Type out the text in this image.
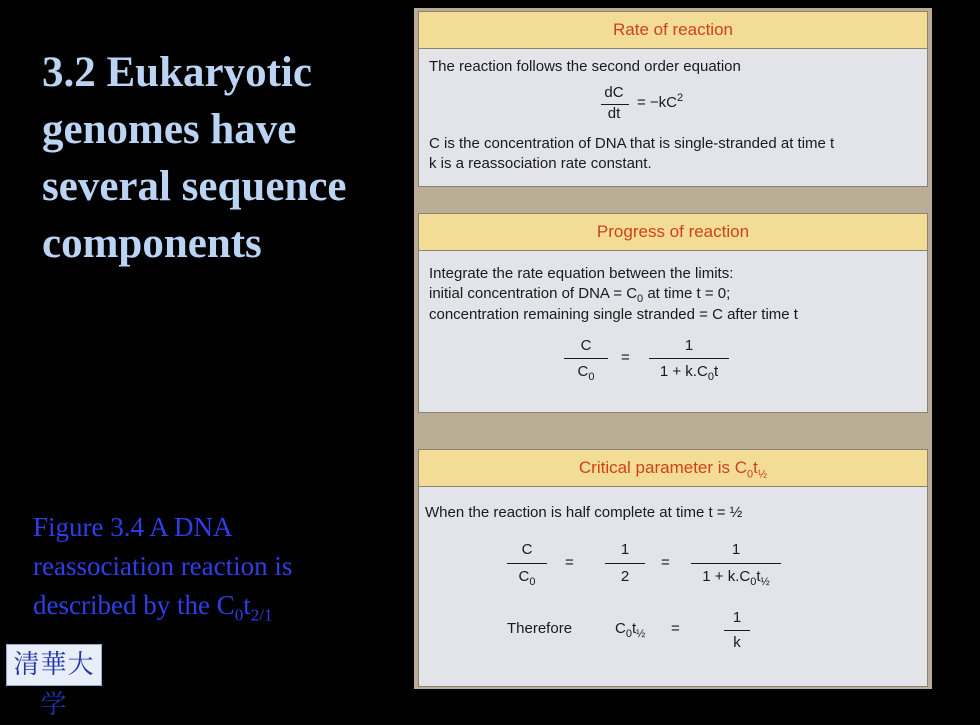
3.2 Eukaryotic genomes have several sequence components
Figure 3.4 A DNA reassociation reaction is described by the $C_0t_{2/1}$
清華大学
Rate of reaction
The reaction follows the second order equation
dC
dt
= $-kC^2$
C is the concentration of DNA that is single-stranded at time t
k is a reassociation rate constant.
Progress of reaction
Integrate the rate equation between the limits:
initial concentration of DNA = $C_0$ at time t = 0;
concentration remaining single stranded = C after time t
C
$C_0$
=
1
$1 + k.C_0t$
Critical parameter is $C_0t_{\frac{1}{2}}$
When the reaction is half complete at time t = ½
C
$C_0$
=
1
2
=
1
$1 + k.C_0t_{\frac{1}{2}}$
Therefore	$C_0t_{\frac{1}{2}}$ =
1
k
